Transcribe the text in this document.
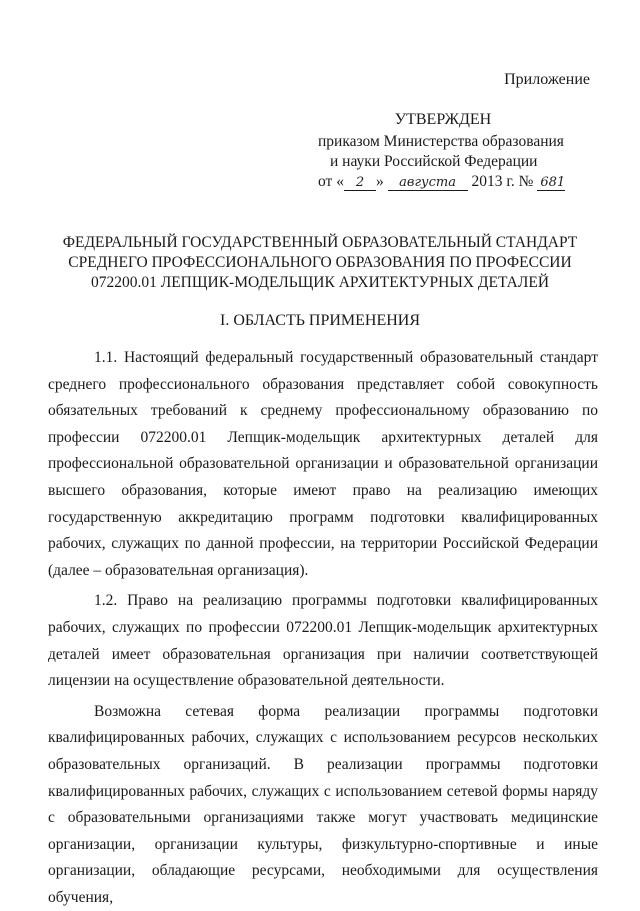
Приложение
УТВЕРЖДЕН
приказом Министерства образования
и науки Российской Федерации
от « 2 » августа 2013 г. № 681
ФЕДЕРАЛЬНЫЙ ГОСУДАРСТВЕННЫЙ ОБРАЗОВАТЕЛЬНЫЙ СТАНДАРТ
СРЕДНЕГО ПРОФЕССИОНАЛЬНОГО ОБРАЗОВАНИЯ ПО ПРОФЕССИИ
072200.01 ЛЕПЩИК-МОДЕЛЬЩИК АРХИТЕКТУРНЫХ ДЕТАЛЕЙ
I. ОБЛАСТЬ ПРИМЕНЕНИЯ

1.1. Настоящий федеральный государственный образовательный стандарт среднего профессионального образования представляет собой совокупность обязательных требований к среднему профессиональному образованию по профессии 072200.01 Лепщик-модельщик архитектурных деталей для профессиональной образовательной организации и образовательной организации высшего образования, которые имеют право на реализацию имеющих государственную аккредитацию программ подготовки квалифицированных рабочих, служащих по данной профессии, на территории Российской Федерации (далее – образовательная организация).

1.2. Право на реализацию программы подготовки квалифицированных рабочих, служащих по профессии 072200.01 Лепщик-модельщик архитектурных деталей имеет образовательная организация при наличии соответствующей лицензии на осуществление образовательной деятельности.

Возможна сетевая форма реализации программы подготовки квалифицированных рабочих, служащих с использованием ресурсов нескольких образовательных организаций. В реализации программы подготовки квалифицированных рабочих, служащих с использованием сетевой формы наряду с образовательными организациями также могут участвовать медицинские организации, организации культуры, физкультурно-спортивные и иные организации, обладающие ресурсами, необходимыми для осуществления обучения,
